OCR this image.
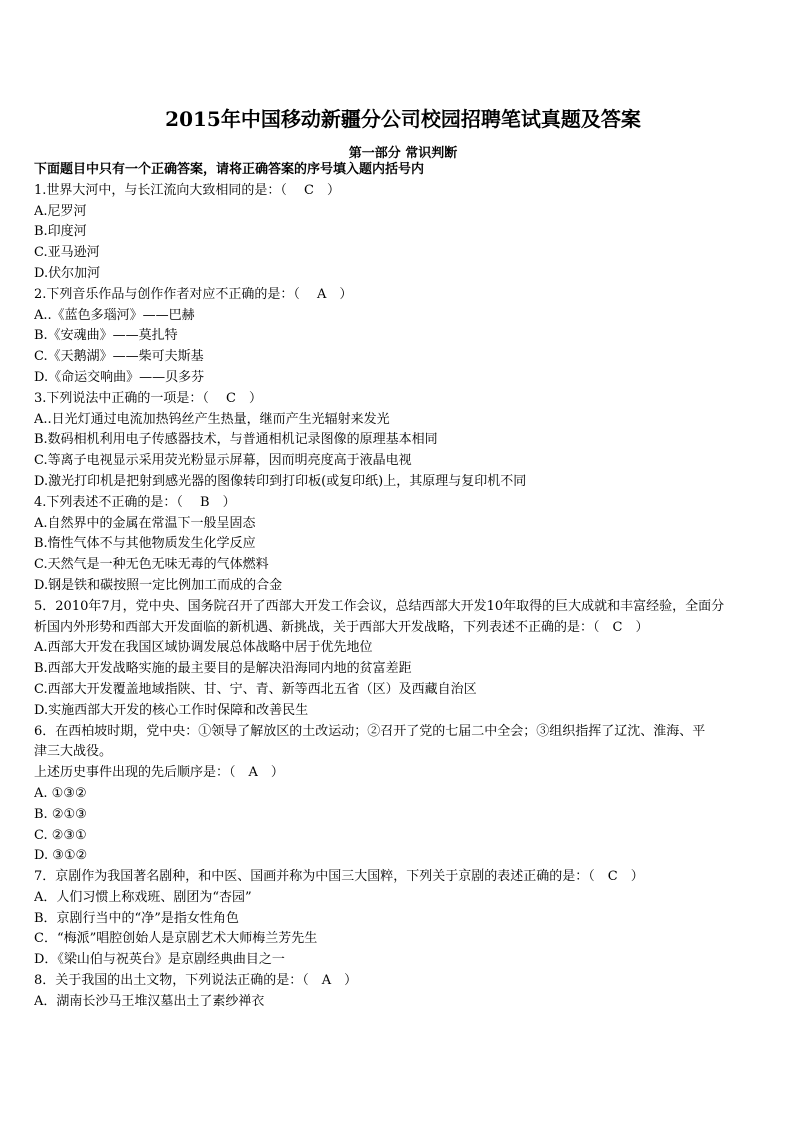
2015年中国移动新疆分公司校园招聘笔试真题及答案
第一部分 常识判断
下面题目中只有一个正确答案，请将正确答案的序号填入题内括号内
1.世界大河中，与长江流向大致相同的是：（　 C　）
A.尼罗河
B.印度河
C.亚马逊河
D.伏尔加河
2.下列音乐作品与创作作者对应不正确的是：（　 A　）
A..《蓝色多瑙河》——巴赫
B.《安魂曲》——莫扎特
C.《天鹅湖》——柴可夫斯基
D.《命运交响曲》——贝多芬
3.下列说法中正确的一项是：（　 C　）
A..日光灯通过电流加热钨丝产生热量，继而产生光辐射来发光
B.数码相机利用电子传感器技术，与普通相机记录图像的原理基本相同
C.等离子电视显示采用荧光粉显示屏幕，因而明亮度高于液晶电视
D.激光打印机是把射到感光器的图像转印到打印板(或复印纸)上，其原理与复印机不同
4.下列表述不正确的是：（　 B　）
A.自然界中的金属在常温下一般呈固态
B.惰性气体不与其他物质发生化学反应
C.天然气是一种无色无味无毒的气体燃料
D.钢是铁和碳按照一定比例加工而成的合金
5．2010年7月，党中央、国务院召开了西部大开发工作会议，总结西部大开发10年取得的巨大成就和丰富经验，全面分
析国内外形势和西部大开发面临的新机遇、新挑战，关于西部大开发战略，下列表述不正确的是：（　C　）
A.西部大开发在我国区域协调发展总体战略中居于优先地位
B.西部大开发战略实施的最主要目的是解决沿海同内地的贫富差距
C.西部大开发覆盖地域指陕、甘、宁、青、新等西北五省（区）及西藏自治区
D.实施西部大开发的核心工作时保障和改善民生
6．在西柏坡时期，党中央：①领导了解放区的土改运动；②召开了党的七届二中全会；③组织指挥了辽沈、淮海、平
津三大战役。
上述历史事件出现的先后顺序是：（　A　）
A. ①③②
B. ②①③
C. ②③①
D. ③①②
7．京剧作为我国著名剧种，和中医、国画并称为中国三大国粹，下列关于京剧的表述正确的是：（　C　）
A．人们习惯上称戏班、剧团为“杏园”
B．京剧行当中的“净”是指女性角色
C．“梅派”唱腔创始人是京剧艺术大师梅兰芳先生
D．《梁山伯与祝英台》是京剧经典曲目之一
8．关于我国的出土文物，下列说法正确的是：（　A　）
A．湖南长沙马王堆汉墓出土了素纱禅衣
